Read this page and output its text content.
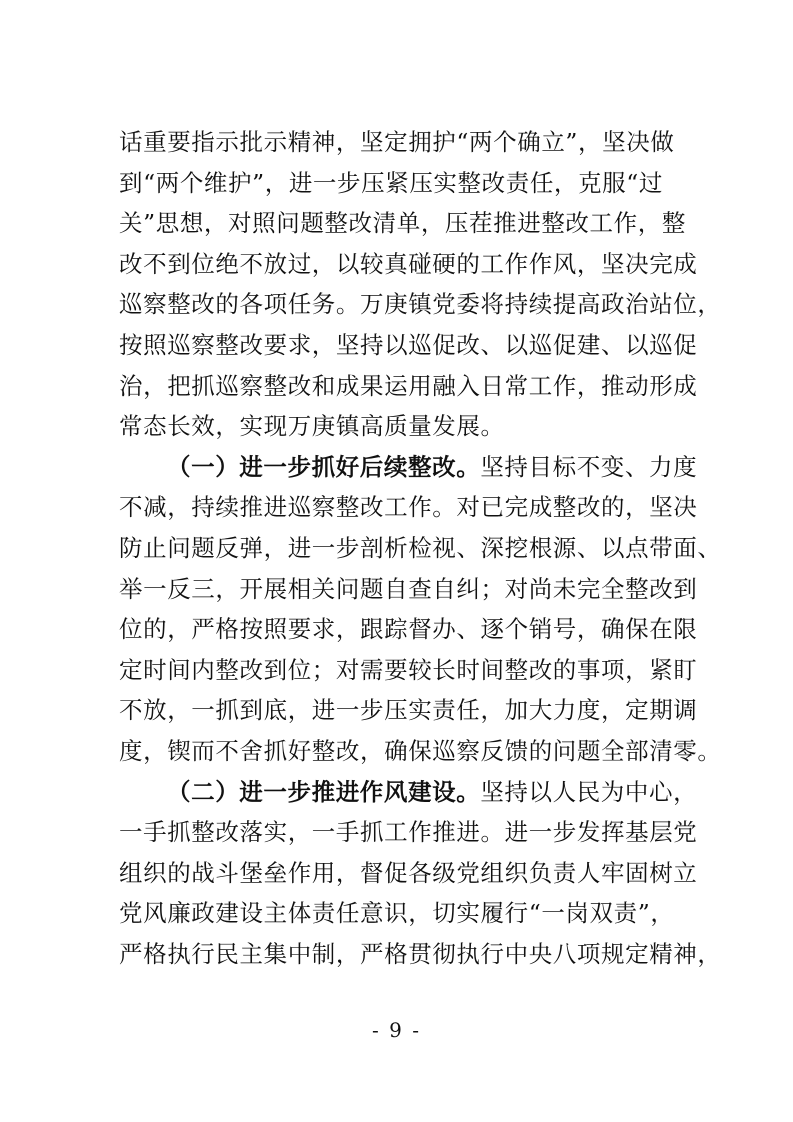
话重要指示批示精神，坚定拥护“两个确立”，坚决做
到“两个维护”，进一步压紧压实整改责任，克服“过
关”思想，对照问题整改清单，压茬推进整改工作，整
改不到位绝不放过，以较真碰硬的工作作风，坚决完成
巡察整改的各项任务。万庚镇党委将持续提高政治站位，
按照巡察整改要求，坚持以巡促改、以巡促建、以巡促
治，把抓巡察整改和成果运用融入日常工作，推动形成
常态长效，实现万庚镇高质量发展。
（一）进一步抓好后续整改。坚持目标不变、力度
不减，持续推进巡察整改工作。对已完成整改的，坚决
防止问题反弹，进一步剖析检视、深挖根源、以点带面、
举一反三，开展相关问题自查自纠；对尚未完全整改到
位的，严格按照要求，跟踪督办、逐个销号，确保在限
定时间内整改到位；对需要较长时间整改的事项，紧盯
不放，一抓到底，进一步压实责任，加大力度，定期调
度，锲而不舍抓好整改，确保巡察反馈的问题全部清零。
（二）进一步推进作风建设。坚持以人民为中心，
一手抓整改落实，一手抓工作推进。进一步发挥基层党
组织的战斗堡垒作用，督促各级党组织负责人牢固树立
党风廉政建设主体责任意识，切实履行“一岗双责”，
严格执行民主集中制，严格贯彻执行中央八项规定精神，
- 9 -
